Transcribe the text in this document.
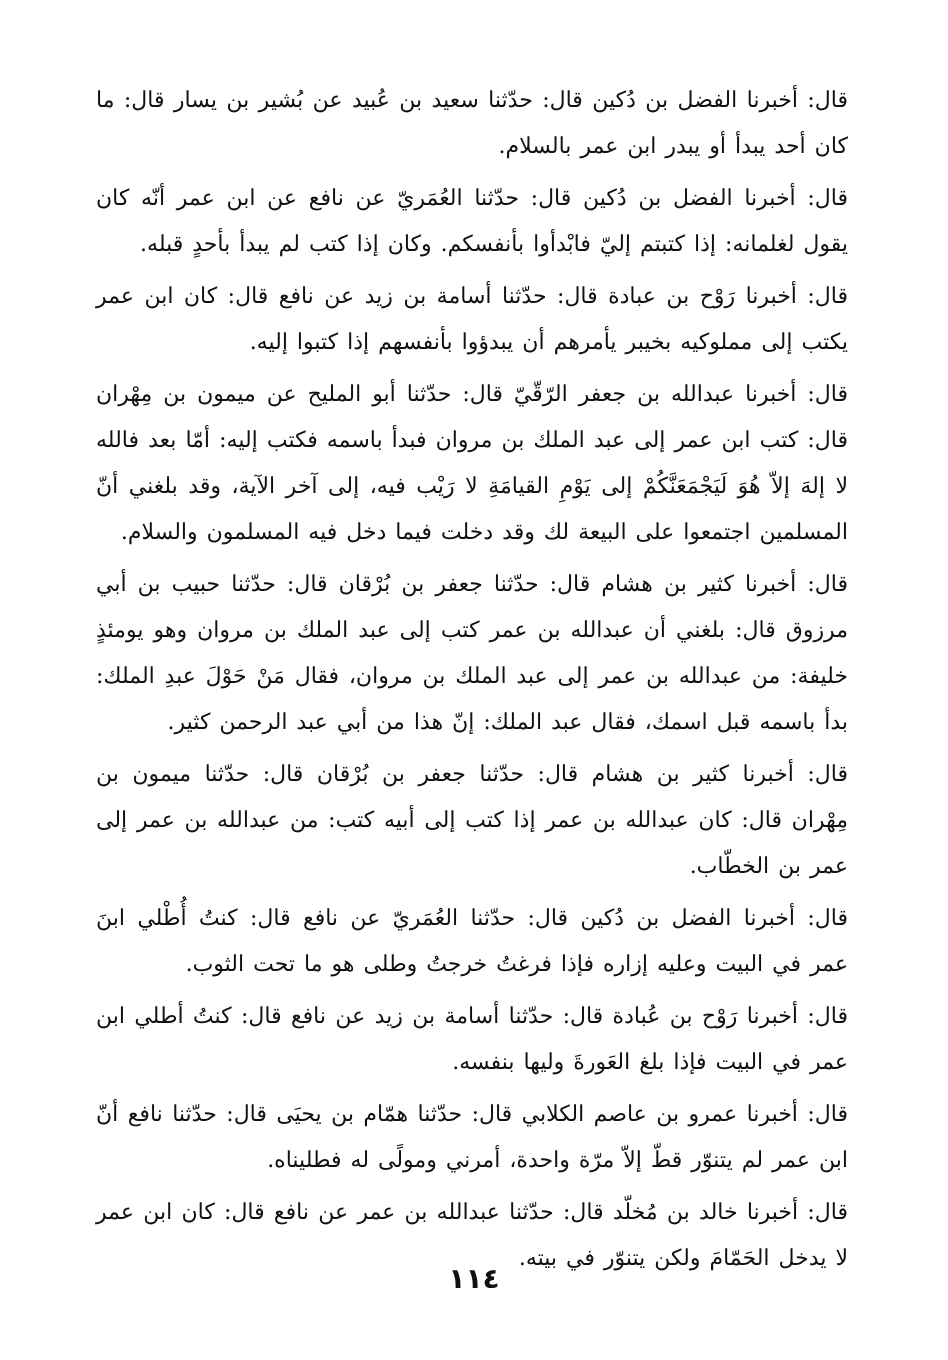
قال: أخبرنا الفضل بن دُكين قال: حدّثنا سعيد بن عُبيد عن بُشير بن يسار قال: ما كان أحد يبدأ أو يبدر ابن عمر بالسلام.

قال: أخبرنا الفضل بن دُكين قال: حدّثنا العُمَريّ عن نافع عن ابن عمر أنّه كان يقول لغلمانه: إذا كتبتم إليّ فابْدأوا بأنفسكم. وكان إذا كتب لم يبدأ بأحدٍ قبله.

قال: أخبرنا رَوْح بن عبادة قال: حدّثنا أسامة بن زيد عن نافع قال: كان ابن عمر يكتب إلى مملوكيه بخيبر يأمرهم أن يبدؤوا بأنفسهم إذا كتبوا إليه.

قال: أخبرنا عبدالله بن جعفر الرّقّيّ قال: حدّثنا أبو المليح عن ميمون بن مِهْران قال: كتب ابن عمر إلى عبد الملك بن مروان فبدأ باسمه فكتب إليه: أمّا بعد فالله لا إلهَ إلاّ هُوَ لَيَجْمَعَنَّكُمْ إلى يَوْمِ القيامَةِ لا رَيْب فيه، إلى آخر الآية، وقد بلغني أنّ المسلمين اجتمعوا على البيعة لك وقد دخلت فيما دخل فيه المسلمون والسلام.

قال: أخبرنا كثير بن هشام قال: حدّثنا جعفر بن بُرْقان قال: حدّثنا حبيب بن أبي مرزوق قال: بلغني أن عبدالله بن عمر كتب إلى عبد الملك بن مروان وهو يومئذٍ خليفة: من عبدالله بن عمر إلى عبد الملك بن مروان، فقال مَنْ حَوْلَ عبدِ الملك: بدأ باسمه قبل اسمك، فقال عبد الملك: إنّ هذا من أبي عبد الرحمن كثير.

قال: أخبرنا كثير بن هشام قال: حدّثنا جعفر بن بُرْقان قال: حدّثنا ميمون بن مِهْران قال: كان عبدالله بن عمر إذا كتب إلى أبيه كتب: من عبدالله بن عمر إلى عمر بن الخطّاب.

قال: أخبرنا الفضل بن دُكين قال: حدّثنا العُمَريّ عن نافع قال: كنتُ أُطْلي ابنَ عمر في البيت وعليه إزاره فإذا فرغتُ خرجتُ وطلى هو ما تحت الثوب.

قال: أخبرنا رَوْح بن عُبادة قال: حدّثنا أسامة بن زيد عن نافع قال: كنتُ أطلي ابن عمر في البيت فإذا بلغ العَورةَ وليها بنفسه.

قال: أخبرنا عمرو بن عاصم الكلابي قال: حدّثنا همّام بن يحيَى قال: حدّثنا نافع أنّ ابن عمر لم يتنوّر قطّ إلاّ مرّة واحدة، أمرني ومولًى له فطليناه.

قال: أخبرنا خالد بن مُخلّد قال: حدّثنا عبدالله بن عمر عن نافع قال: كان ابن عمر لا يدخل الحَمّامَ ولكن يتنوّر في بيته.

١١٤
